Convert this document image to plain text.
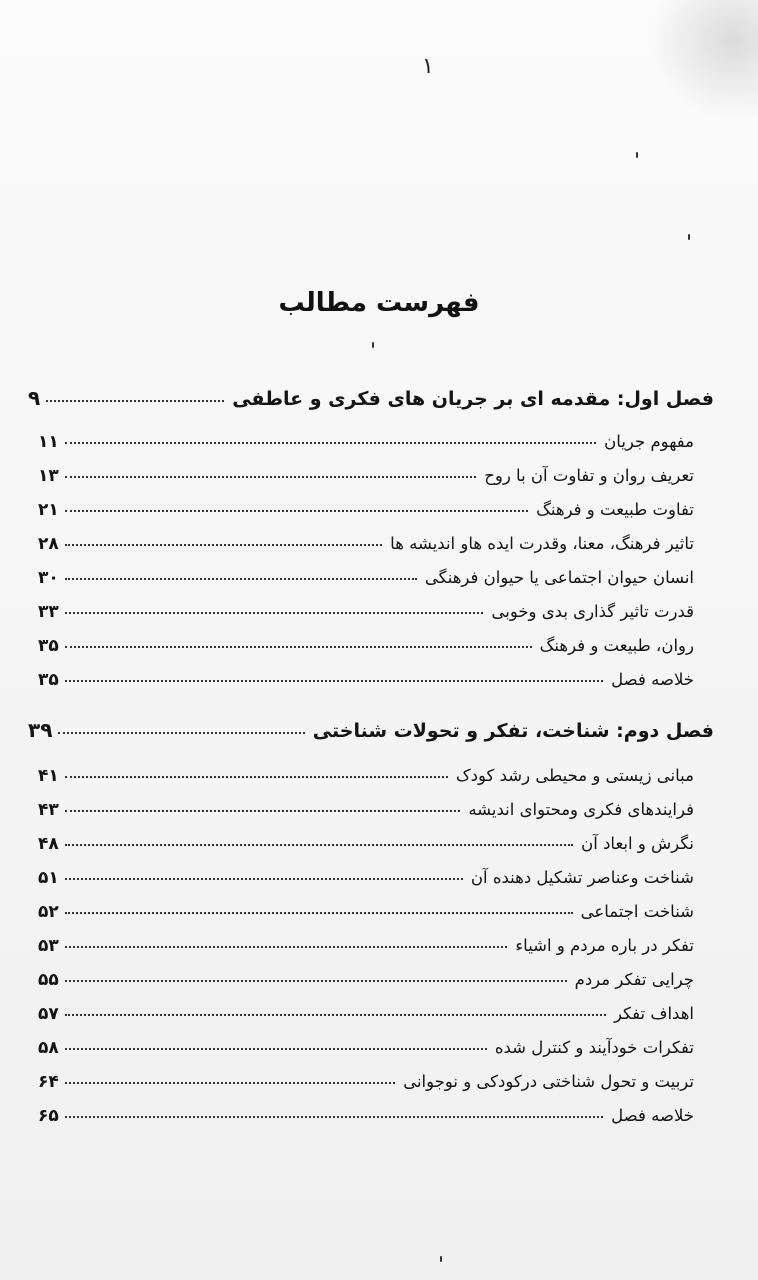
۱
فهرست مطالب
فصل اول: مقدمه ای بر جریان های فکری و عاطفی
۹
مفهوم جریان
۱۱
تعریف روان و تفاوت آن با روح
۱۳
تفاوت طبیعت و فرهنگ
۲۱
تاثیر فرهنگ، معنا، وقدرت ایده هاو اندیشه ها
۲۸
انسان حیوان اجتماعی یا حیوان فرهنگی
۳۰
قدرت تاثیر گذاری بدی وخوبی
۳۳
روان، طبیعت و فرهنگ
۳۵
خلاصه فصل
۳۵
فصل دوم: شناخت، تفکر و تحولات شناختی
۳۹
مبانی زیستی و محیطی رشد کودک
۴۱
فرایندهای فکری ومحتوای اندیشه
۴۳
نگرش و ابعاد آن
۴۸
شناخت وعناصر تشکیل دهنده آن
۵۱
شناخت اجتماعی
۵۲
تفکر در باره مردم و اشیاء
۵۳
چرایی تفکر مردم
۵۵
اهداف تفکر
۵۷
تفکرات خودآیند و کنترل شده
۵۸
تربیت و تحول شناختی درکودکی و نوجوانی
۶۴
خلاصه فصل
۶۵
